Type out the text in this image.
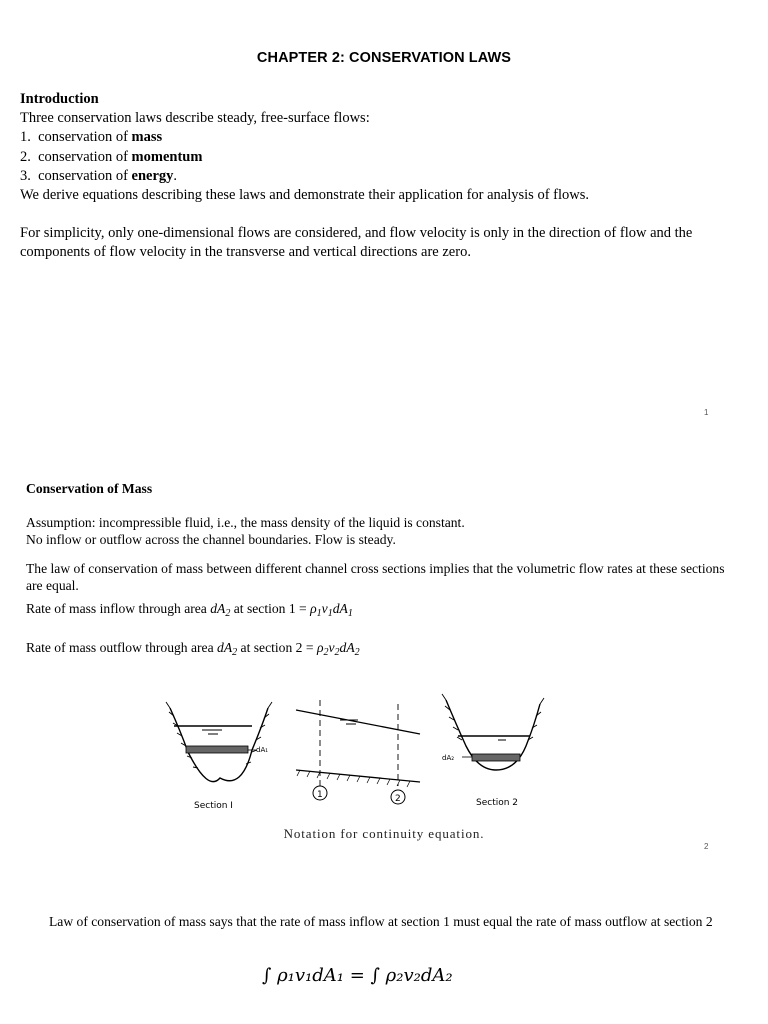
CHAPTER 2: CONSERVATION LAWS

Introduction

Three conservation laws describe steady, free-surface flows:

1. conservation of mass

2. conservation of momentum

3. conservation of energy.

We derive equations describing these laws and demonstrate their application for analysis of flows.

For simplicity, only one-dimensional flows are considered, and flow velocity is only in the direction of flow and the components of flow velocity in the transverse and vertical directions are zero.

1

Conservation of Mass

Assumption: incompressible fluid, i.e., the mass density of the liquid is constant.

No inflow or outflow across the channel boundaries. Flow is steady.

The law of conservation of mass between different channel cross sections implies that the volumetric flow rates at these sections are equal.

Rate of mass inflow through area $dA_2$ at section $1 = \rho_1v_1dA_1$

Rate of mass outflow through area $dA_2$ at section $2 = \rho_2v_2dA_2$

dA₁
Section I
1	2
dA₂
Section 2
Notation for continuity equation.
2
Law of conservation of mass says that the rate of mass inflow at section 1 must equal the rate of mass outflow at section 2
∫ ρ₁v₁dA₁ = ∫ ρ₂v₂dA₂
